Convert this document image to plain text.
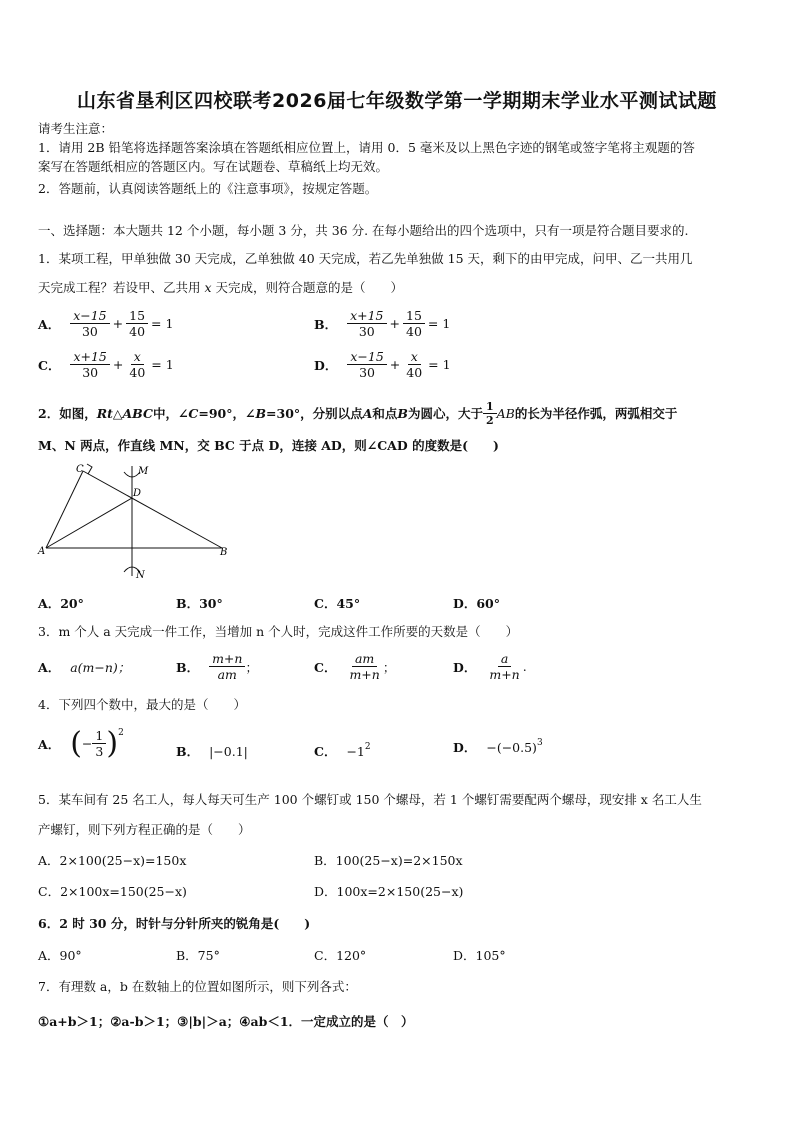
山东省垦利区四校联考2026届七年级数学第一学期期末学业水平测试试题
请考生注意：
1．请用 2B 铅笔将选择题答案涂填在答题纸相应位置上，请用 0．5 毫米及以上黑色字迹的钢笔或签字笔将主观题的答
案写在答题纸相应的答题区内。写在试题卷、草稿纸上均无效。
2．答题前，认真阅读答题纸上的《注意事项》，按规定答题。
一、选择题：本大题共 12 个小题，每小题 3 分，共 36 分. 在每小题给出的四个选项中，只有一项是符合题目要求的.
1．某项工程，甲单独做 30 天完成，乙单独做 40 天完成，若乙先单独做 15 天，剩下的由甲完成，问甲、乙一共用几
天完成工程？若设甲、乙共用 x 天完成，则符合题意的是（　　）
A． $\frac{x-15}{30} + \frac{15}{40} = 1$	B． $\frac{x+15}{30} + \frac{15}{40} = 1$
C． $\frac{x+15}{30} + \frac{x}{40} = 1$	D． $\frac{x-15}{30} + \frac{x}{40} = 1$
2．如图， Rt△ABC 中，∠ C =90°，∠ B =30°，分别以点 A 和点 B 为圆心，大于 $\frac{1}{2}$ AB 的长为半径作弧，两弧相交于
M、N 两点，作直线 MN，交 BC 于点 D，连接 AD，则∠CAD 的度数是(　　)
C	M
D
A	B
N
A．20°	B．30°	C．45°	D．60°
3．m 个人 a 天完成一件工作，当增加 n 个人时，完成这件工作所要的天数是（　　）
A． a(m−n)；	B． $\frac{m+n}{am}$ ；	C． $\frac{am}{m+n}$ ；	D． $\frac{a}{m+n}$ .
4．下列四个数中，最大的是（　　）
A． ( − $\frac{1}{3} )^2$
B． |−0.1|	C． $-1^2$	D． $-(-0.5)^3$
5．某车间有 25 名工人，每人每天可生产 100 个螺钉或 150 个螺母，若 1 个螺钉需要配两个螺母，现安排 x 名工人生
产螺钉，则下列方程正确的是（　　）
A．2×100(25−x)=150x	B．100(25−x)=2×150x
C．2×100x=150(25−x)	D．100x=2×150(25−x)
6．2 时 30 分，时针与分针所夹的锐角是(　　)
A．90°	B．75°	C．120°	D．105°
7．有理数 a，b 在数轴上的位置如图所示，则下列各式：
①a+b＞1；②a-b＞1；③|b|＞a；④ab＜1．一定成立的是（　）
